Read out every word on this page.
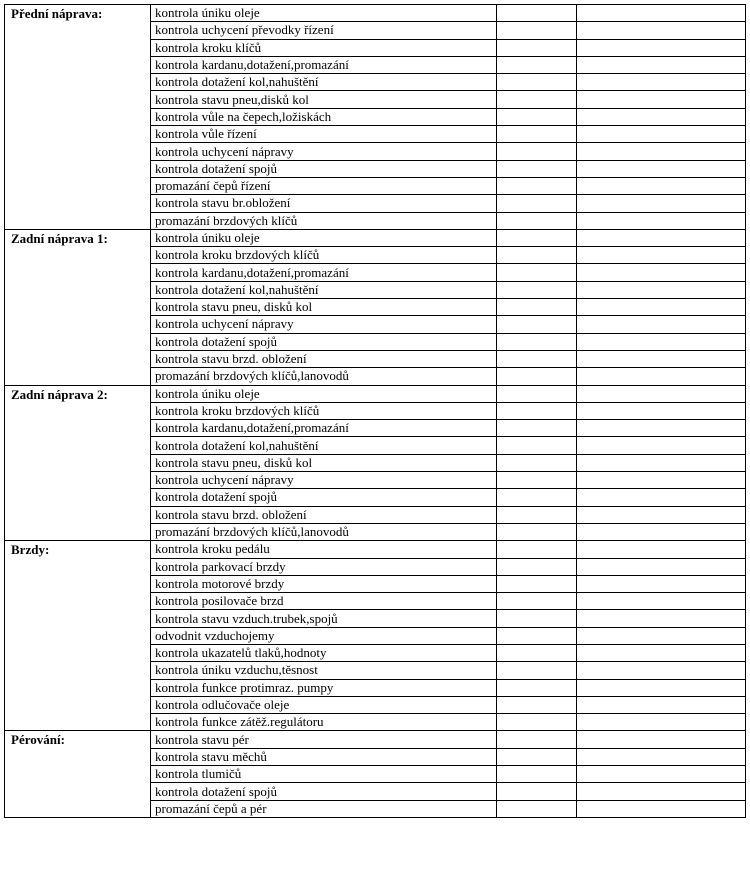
Přední náprava:	kontrola úniku oleje		
	kontrola uchycení převodky řízení		
	kontrola kroku klíčů		
	kontrola kardanu,dotažení,promazání		
	kontrola dotažení kol,nahuštění		
	kontrola stavu pneu,disků kol		
	kontrola vůle na čepech,ložiskách		
	kontrola vůle řízení		
	kontrola uchycení nápravy		
	kontrola dotažení spojů		
	promazání čepů řízení		
	kontrola stavu br.obložení		
	promazání brzdových klíčů		
Zadní náprava 1:	kontrola úniku oleje		
	kontrola kroku brzdových klíčů		
	kontrola kardanu,dotažení,promazání		
	kontrola dotažení kol,nahuštění		
	kontrola stavu pneu, disků kol		
	kontrola uchycení nápravy		
	kontrola dotažení spojů		
	kontrola stavu brzd. obložení		
	promazání brzdových klíčů,lanovodů		
Zadní náprava 2:	kontrola úniku oleje		
	kontrola kroku brzdových klíčů		
	kontrola kardanu,dotažení,promazání		
	kontrola dotažení kol,nahuštění		
	kontrola stavu pneu, disků kol		
	kontrola uchycení nápravy		
	kontrola dotažení spojů		
	kontrola stavu brzd. obložení		
	promazání brzdových klíčů,lanovodů		
Brzdy:	kontrola kroku pedálu		
	kontrola parkovací brzdy		
	kontrola motorové brzdy		
	kontrola posilovače brzd		
	kontrola stavu vzduch.trubek,spojů		
	odvodnit vzduchojemy		
	kontrola ukazatelů tlaků,hodnoty		
	kontrola úniku vzduchu,těsnost		
	kontrola funkce protimraz. pumpy		
	kontrola odlučovače oleje		
	kontrola funkce zátěž.regulátoru		
Pérování:	kontrola stavu pér		
	kontrola stavu měchů		
	kontrola tlumičů		
	kontrola dotažení spojů		
	promazání čepů a pér		
